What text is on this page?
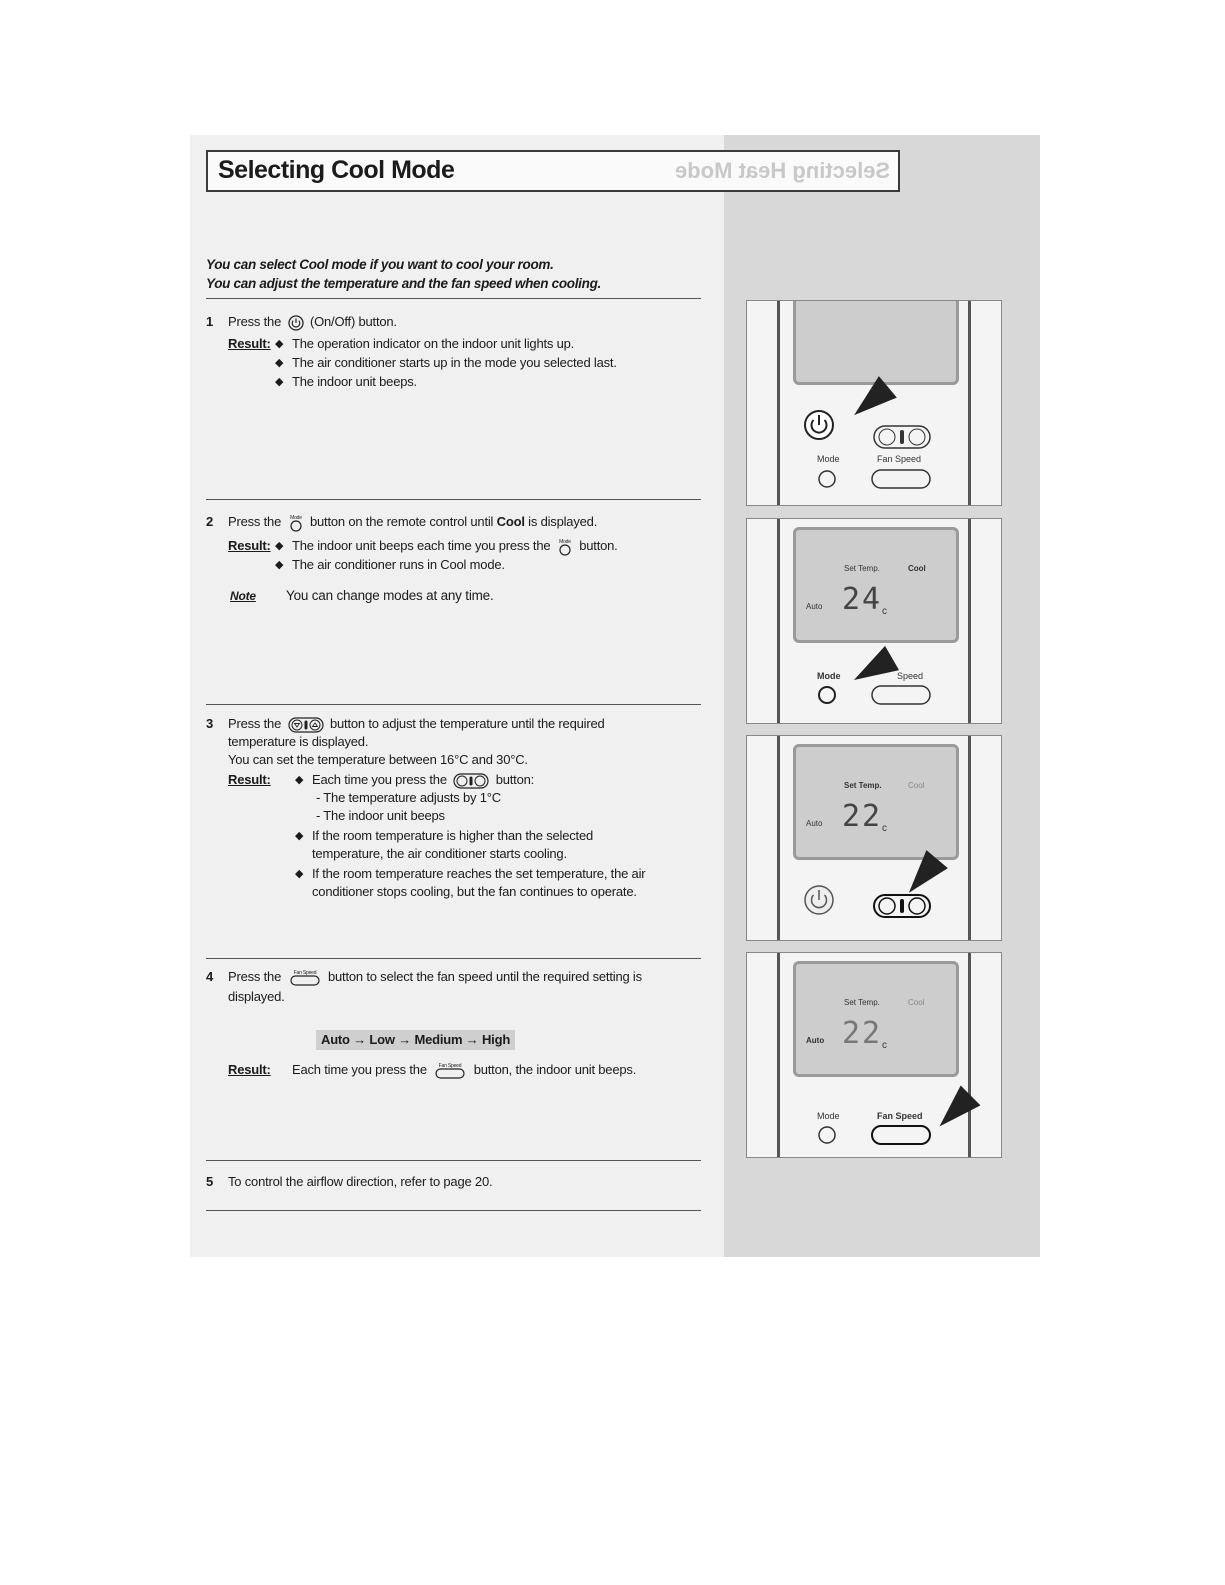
Selecting Cool Mode	Selecting Heat Mode
You can select Cool mode if you want to cool your room.
You can adjust the temperature and the fan speed when cooling.
1 Press the (On/Off) button.
Result: ◆ The operation indicator on the indoor unit lights up.
◆ The air conditioner starts up in the mode you selected last.
◆ The indoor unit beeps.
2 Press the Mode button on the remote control until Cool is displayed.
Result: ◆ The indoor unit beeps each time you press the Mode button.
◆ The air conditioner runs in Cool mode.
Note You can change modes at any time.
3 Press the	button to adjust the temperature until the required
temperature is displayed.
You can set the temperature between 16°C and 30°C.
Result:	◆ Each time you press the	button:
- The temperature adjusts by 1°C
- The indoor unit beeps
◆ If the room temperature is higher than the selected
temperature, the air conditioner starts cooling.
◆ If the room temperature reaches the set temperature, the air
conditioner stops cooling, but the fan continues to operate.
4 Press the Fan Speed button to select the fan speed until the required setting is
displayed.
Auto → Low → Medium → High
Result: Each time you press the Fan Speed button, the indoor unit beeps.
5 To control the airflow direction, refer to page 20.
Mode	Fan Speed
Set Temp.	Cool
Auto 24 c
Mode	Speed
Set Temp.	Cool
Auto 22 c
Set Temp.	Cool
Auto 22 c
Mode	Fan Speed
